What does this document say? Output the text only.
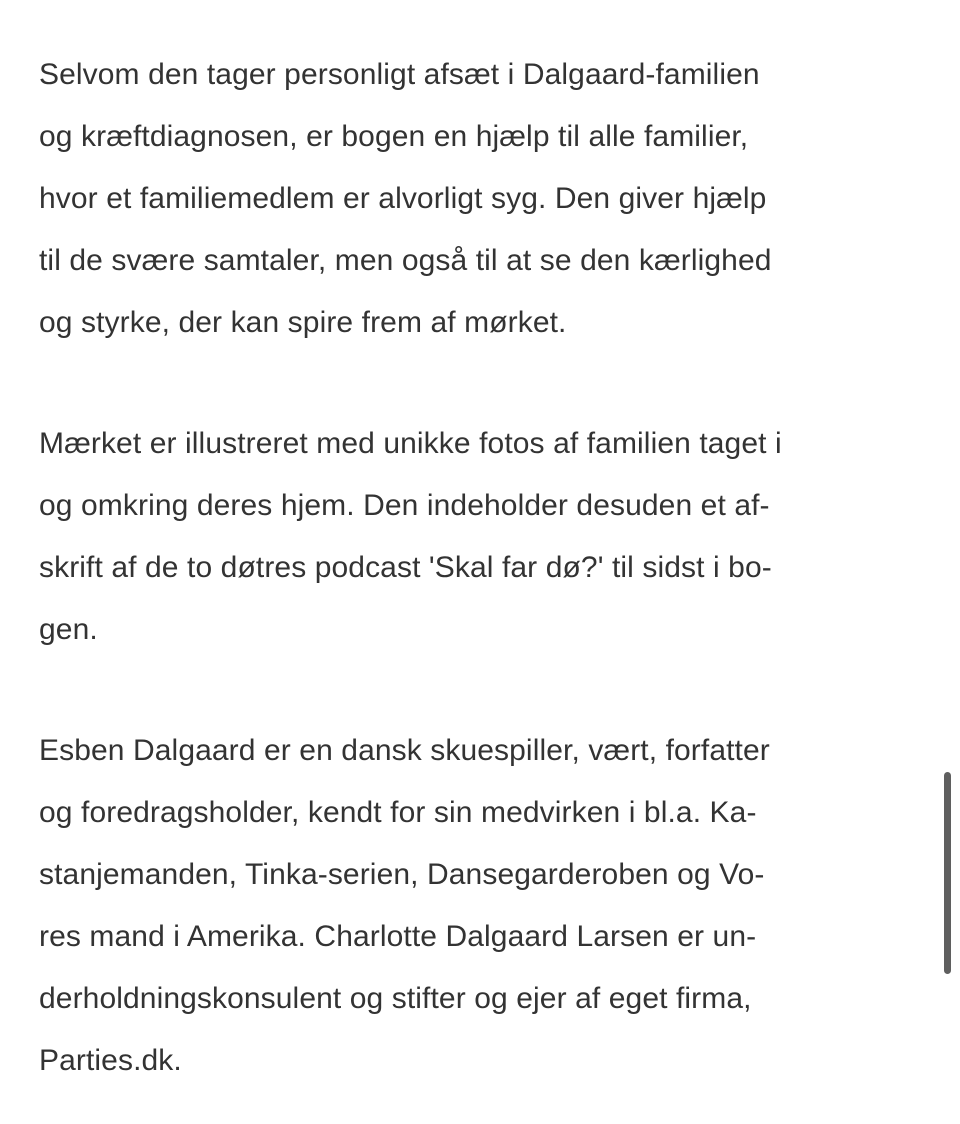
Selvom den tager personligt afsæt i Dalgaard-familien
og kræftdiagnosen, er bogen en hjælp til alle familier,
hvor et familiemedlem er alvorligt syg. Den giver hjælp
til de svære samtaler, men også til at se den kærlighed
og styrke, der kan spire frem af mørket.

Mærket er illustreret med unikke fotos af familien taget i
og omkring deres hjem. Den indeholder desuden et af-
skrift af de to døtres podcast 'Skal far dø?' til sidst i bo-
gen.

Esben Dalgaard er en dansk skuespiller, vært, forfatter
og foredragsholder, kendt for sin medvirken i bl.a. Ka-
stanjemanden, Tinka-serien, Dansegarderoben og Vo-
res mand i Amerika. Charlotte Dalgaard Larsen er un-
derholdningskonsulent og stifter og ejer af eget firma,
Parties.dk.
